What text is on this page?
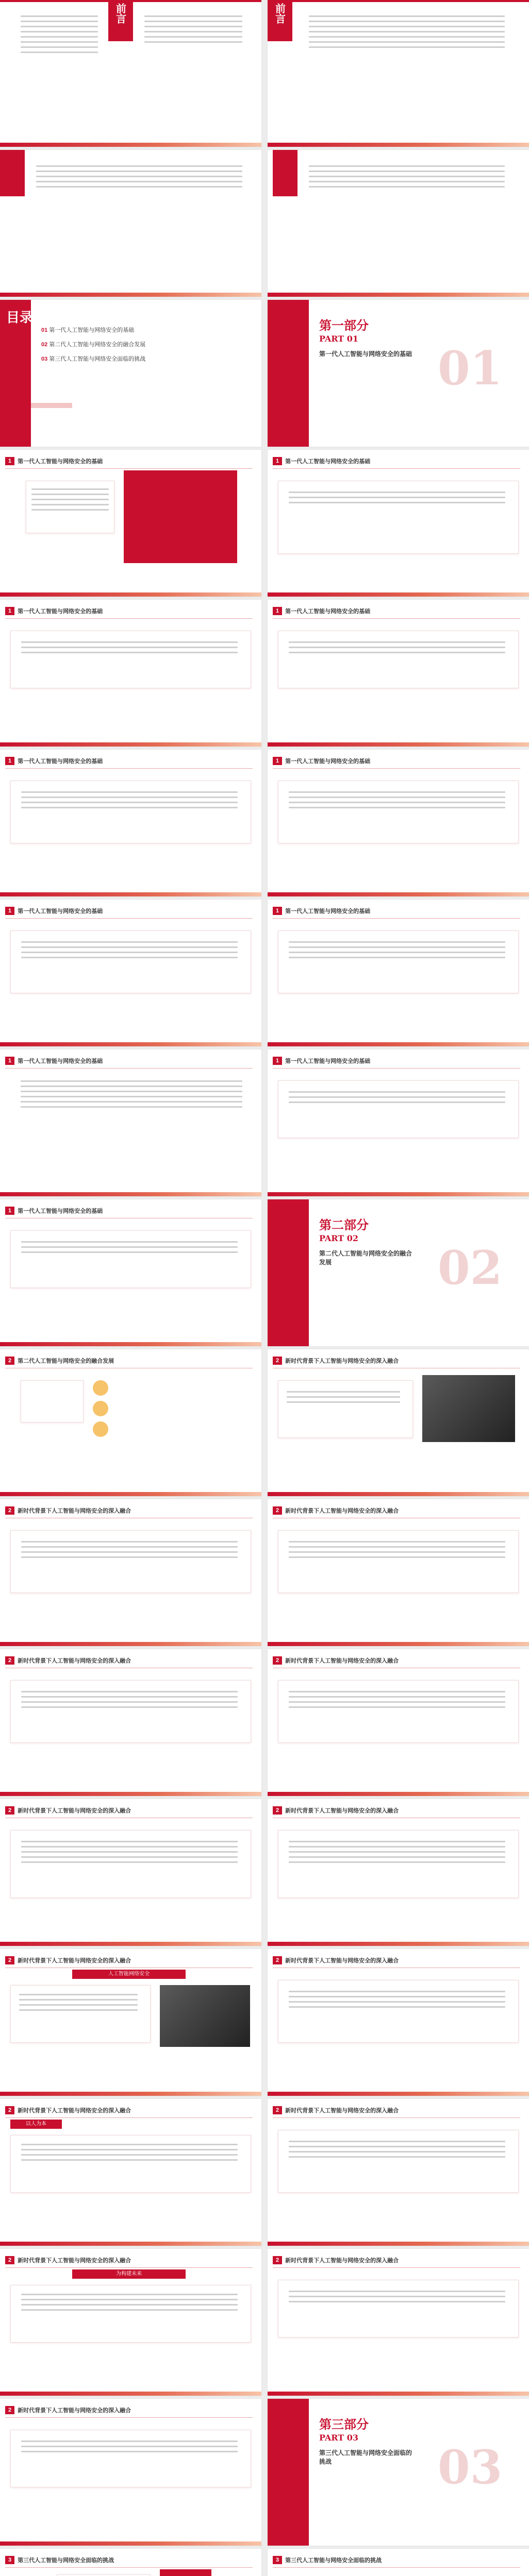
前言	前言
目录
01 第一代人工智能与网络安全的基础
02 第二代人工智能与网络安全的融合发展
03 第三代人工智能与网络安全面临的挑战
第一部分
PART 01
第一代人工智能与网络安全的基础 01
1	第一代人工智能与网络安全的基础	1	第一代人工智能与网络安全的基础
1	第一代人工智能与网络安全的基础	1	第一代人工智能与网络安全的基础
1	第一代人工智能与网络安全的基础	1	第一代人工智能与网络安全的基础
1	第一代人工智能与网络安全的基础	1	第一代人工智能与网络安全的基础
1	第一代人工智能与网络安全的基础	1	第一代人工智能与网络安全的基础
1	第一代人工智能与网络安全的基础
第二部分
PART 02
第二代人工智能与网络安全的融合发展	02
2	第二代人工智能与网络安全的融合发展	2	新时代背景下人工智能与网络安全的深入融合
2	新时代背景下人工智能与网络安全的深入融合	2	新时代背景下人工智能与网络安全的深入融合
2	新时代背景下人工智能与网络安全的深入融合	2	新时代背景下人工智能与网络安全的深入融合
2	新时代背景下人工智能与网络安全的深入融合	2	新时代背景下人工智能与网络安全的深入融合
2	新时代背景下人工智能与网络安全的深入融合
人工智能网络安全
2	新时代背景下人工智能与网络安全的深入融合
2	新时代背景下人工智能与网络安全的深入融合
以人为本
2	新时代背景下人工智能与网络安全的深入融合
2	新时代背景下人工智能与网络安全的深入融合
为构建未来
2	新时代背景下人工智能与网络安全的深入融合
2	新时代背景下人工智能与网络安全的深入融合
第三部分
PART 03
第三代人工智能与网络安全面临的挑战	03
3	第三代人工智能与网络安全面临的挑战	3	第三代人工智能与网络安全面临的挑战
